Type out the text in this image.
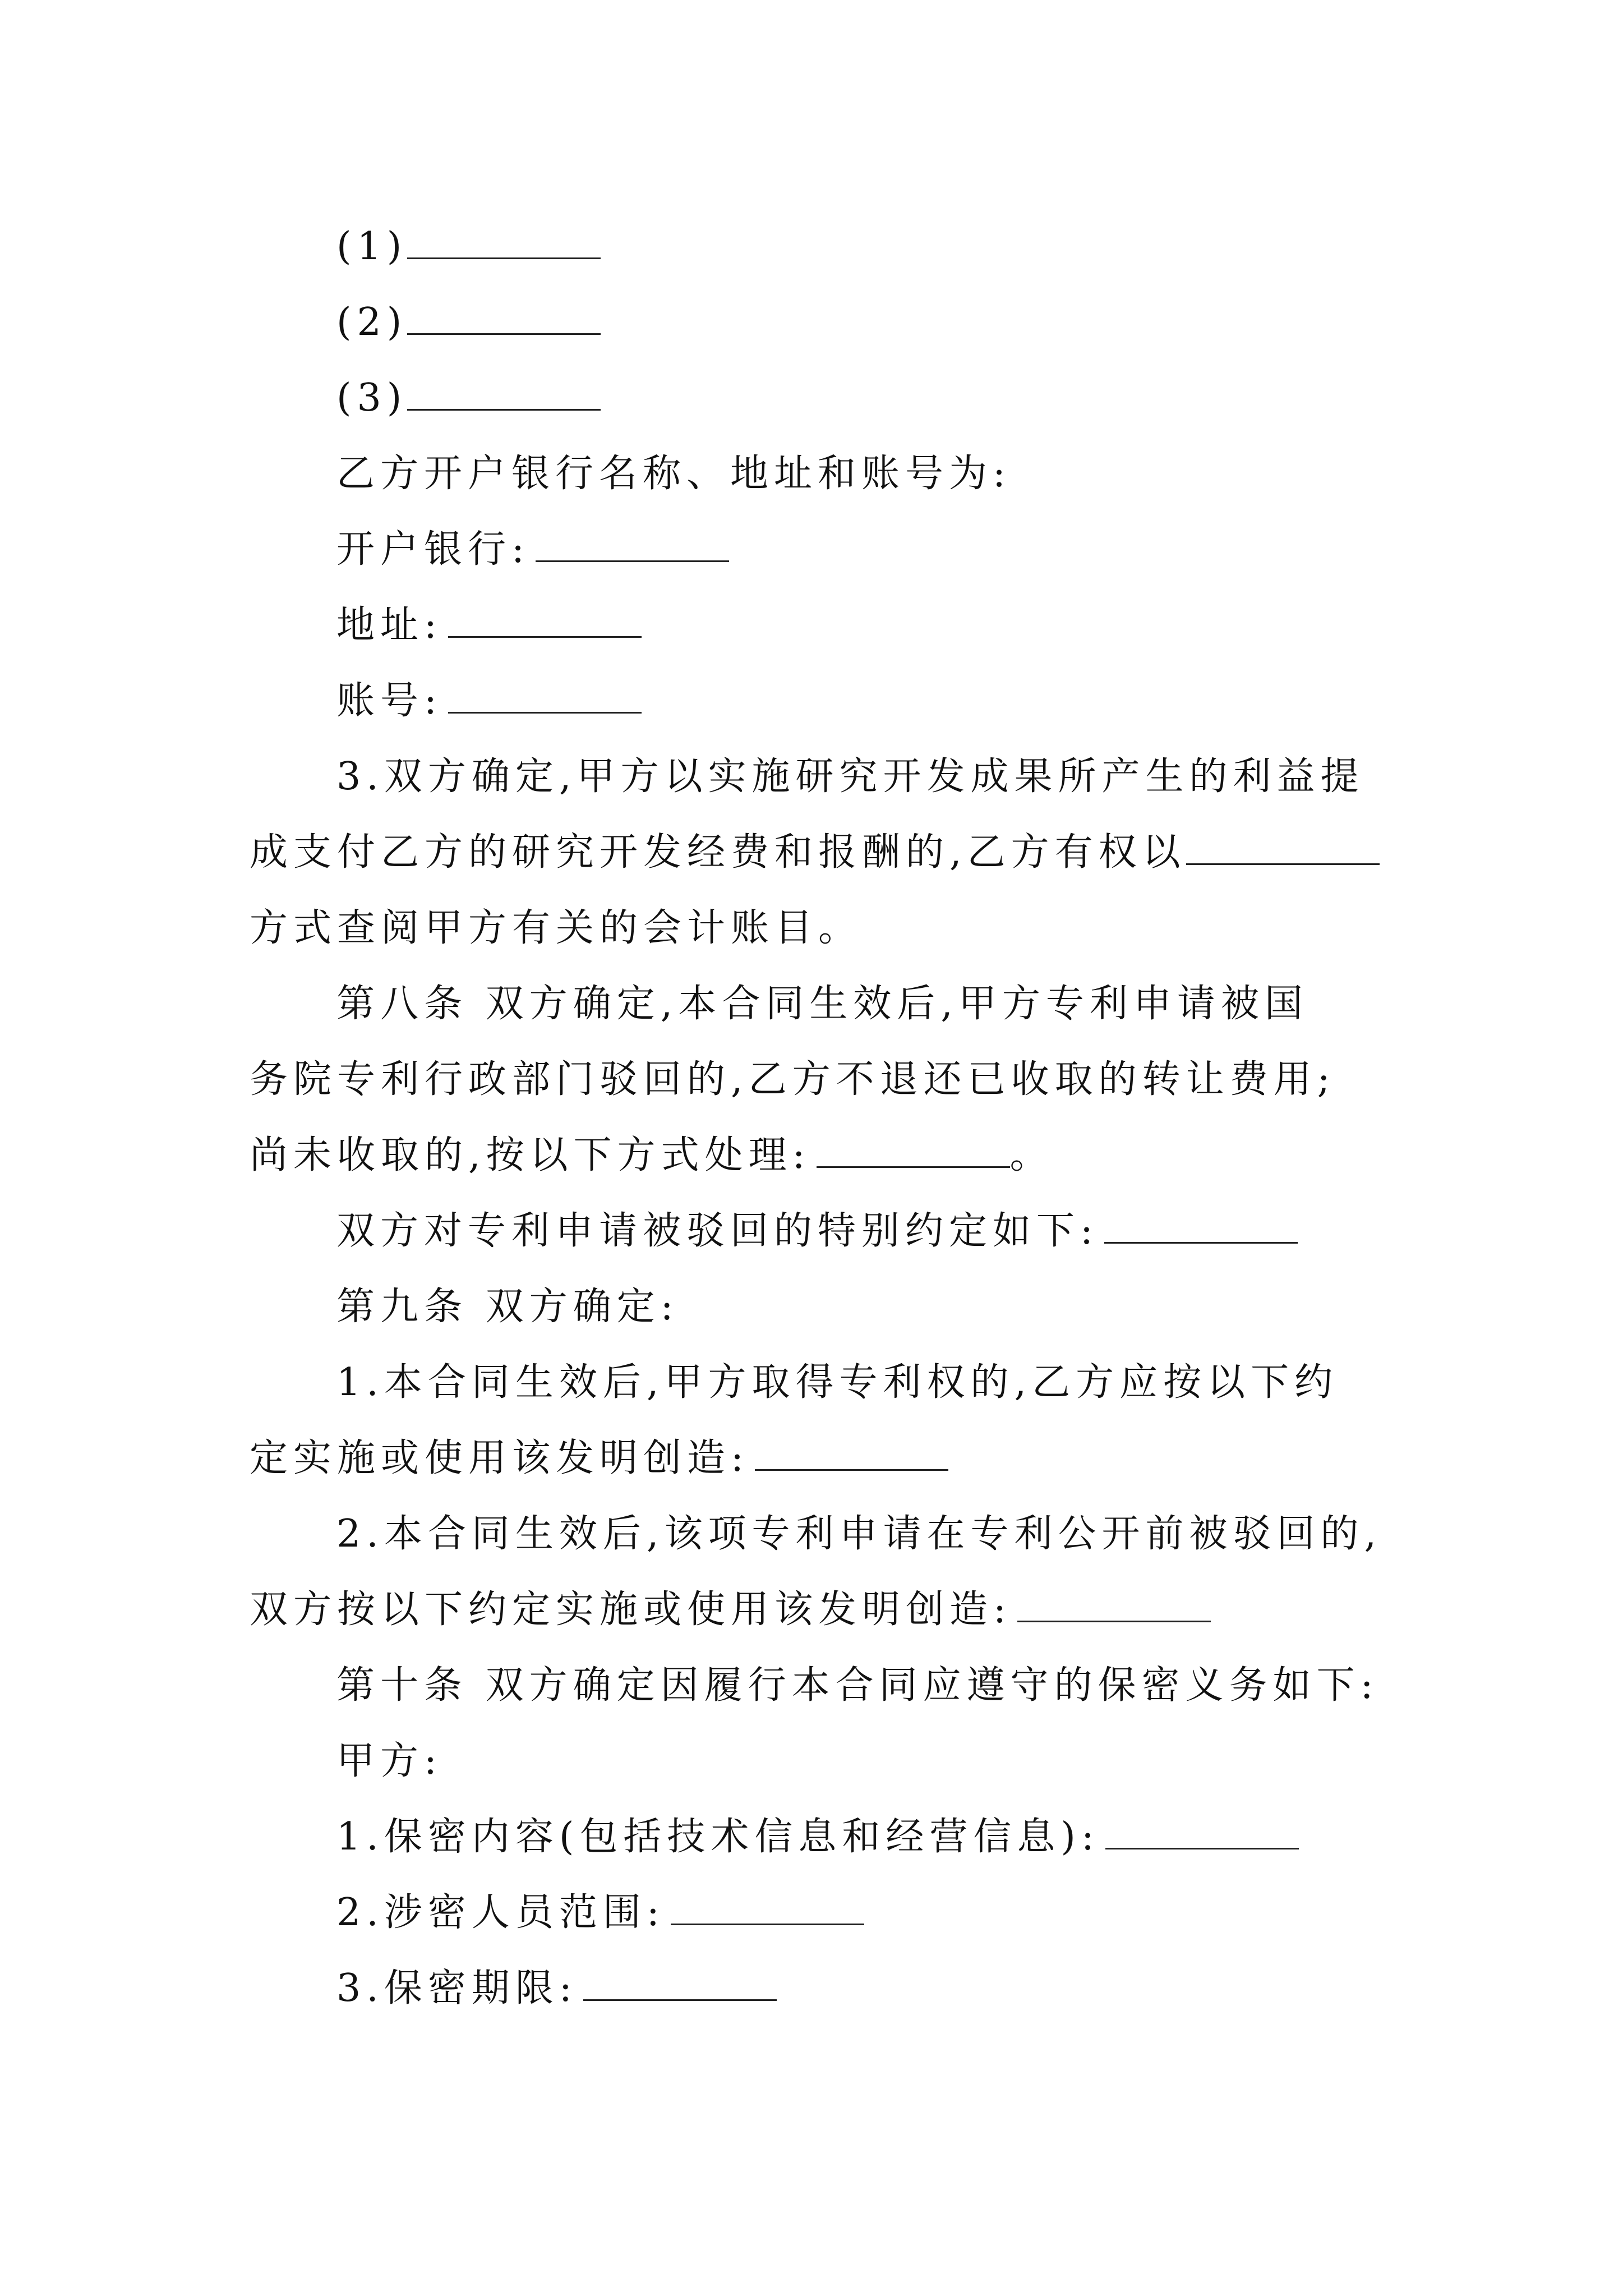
(1)
(2)
(3)
乙方开户银行名称、地址和账号为:
开户银行:
地址:
账号:
3.双方确定,甲方以实施研究开发成果所产生的利益提
成支付乙方的研究开发经费和报酬的,乙方有权以
方式查阅甲方有关的会计账目。
第八条 双方确定,本合同生效后,甲方专利申请被国
务院专利行政部门驳回的,乙方不退还已收取的转让费用;
尚未收取的,按以下方式处理:	。
双方对专利申请被驳回的特别约定如下:
第九条 双方确定:
1.本合同生效后,甲方取得专利权的,乙方应按以下约
定实施或使用该发明创造:
2.本合同生效后,该项专利申请在专利公开前被驳回的,
双方按以下约定实施或使用该发明创造:
第十条 双方确定因履行本合同应遵守的保密义务如下:
甲方:
1.保密内容(包括技术信息和经营信息):
2.涉密人员范围:
3.保密期限:
